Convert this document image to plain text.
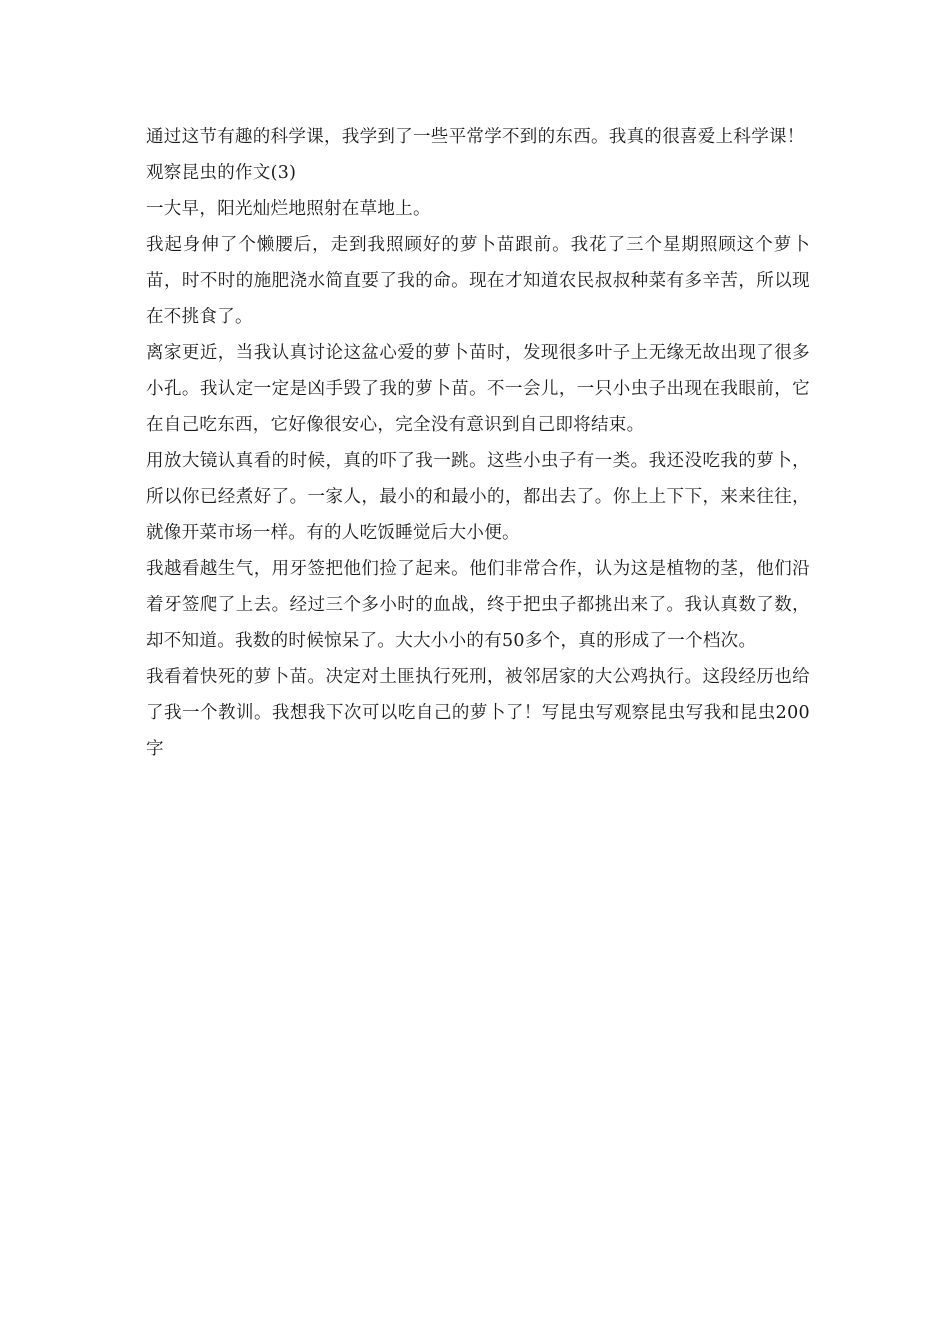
通过这节有趣的科学课，我学到了一些平常学不到的东西。我真的很喜爱上科学课！

观察昆虫的作文(3)

一大早，阳光灿烂地照射在草地上。

我起身伸了个懒腰后，走到我照顾好的萝卜苗跟前。我花了三个星期照顾这个萝卜苗，时不时的施肥浇水简直要了我的命。现在才知道农民叔叔种菜有多辛苦，所以现在不挑食了。

离家更近，当我认真讨论这盆心爱的萝卜苗时，发现很多叶子上无缘无故出现了很多小孔。我认定一定是凶手毁了我的萝卜苗。不一会儿，一只小虫子出现在我眼前，它在自己吃东西，它好像很安心，完全没有意识到自己即将结束。

用放大镜认真看的时候，真的吓了我一跳。这些小虫子有一类。我还没吃我的萝卜，所以你已经煮好了。一家人，最小的和最小的，都出去了。你上上下下，来来往往，就像开菜市场一样。有的人吃饭睡觉后大小便。

我越看越生气，用牙签把他们捡了起来。他们非常合作，认为这是植物的茎，他们沿着牙签爬了上去。经过三个多小时的血战，终于把虫子都挑出来了。我认真数了数，却不知道。我数的时候惊呆了。大大小小的有50多个，真的形成了一个档次。

我看着快死的萝卜苗。决定对土匪执行死刑，被邻居家的大公鸡执行。这段经历也给了我一个教训。我想我下次可以吃自己的萝卜了！写昆虫写观察昆虫写我和昆虫200字
